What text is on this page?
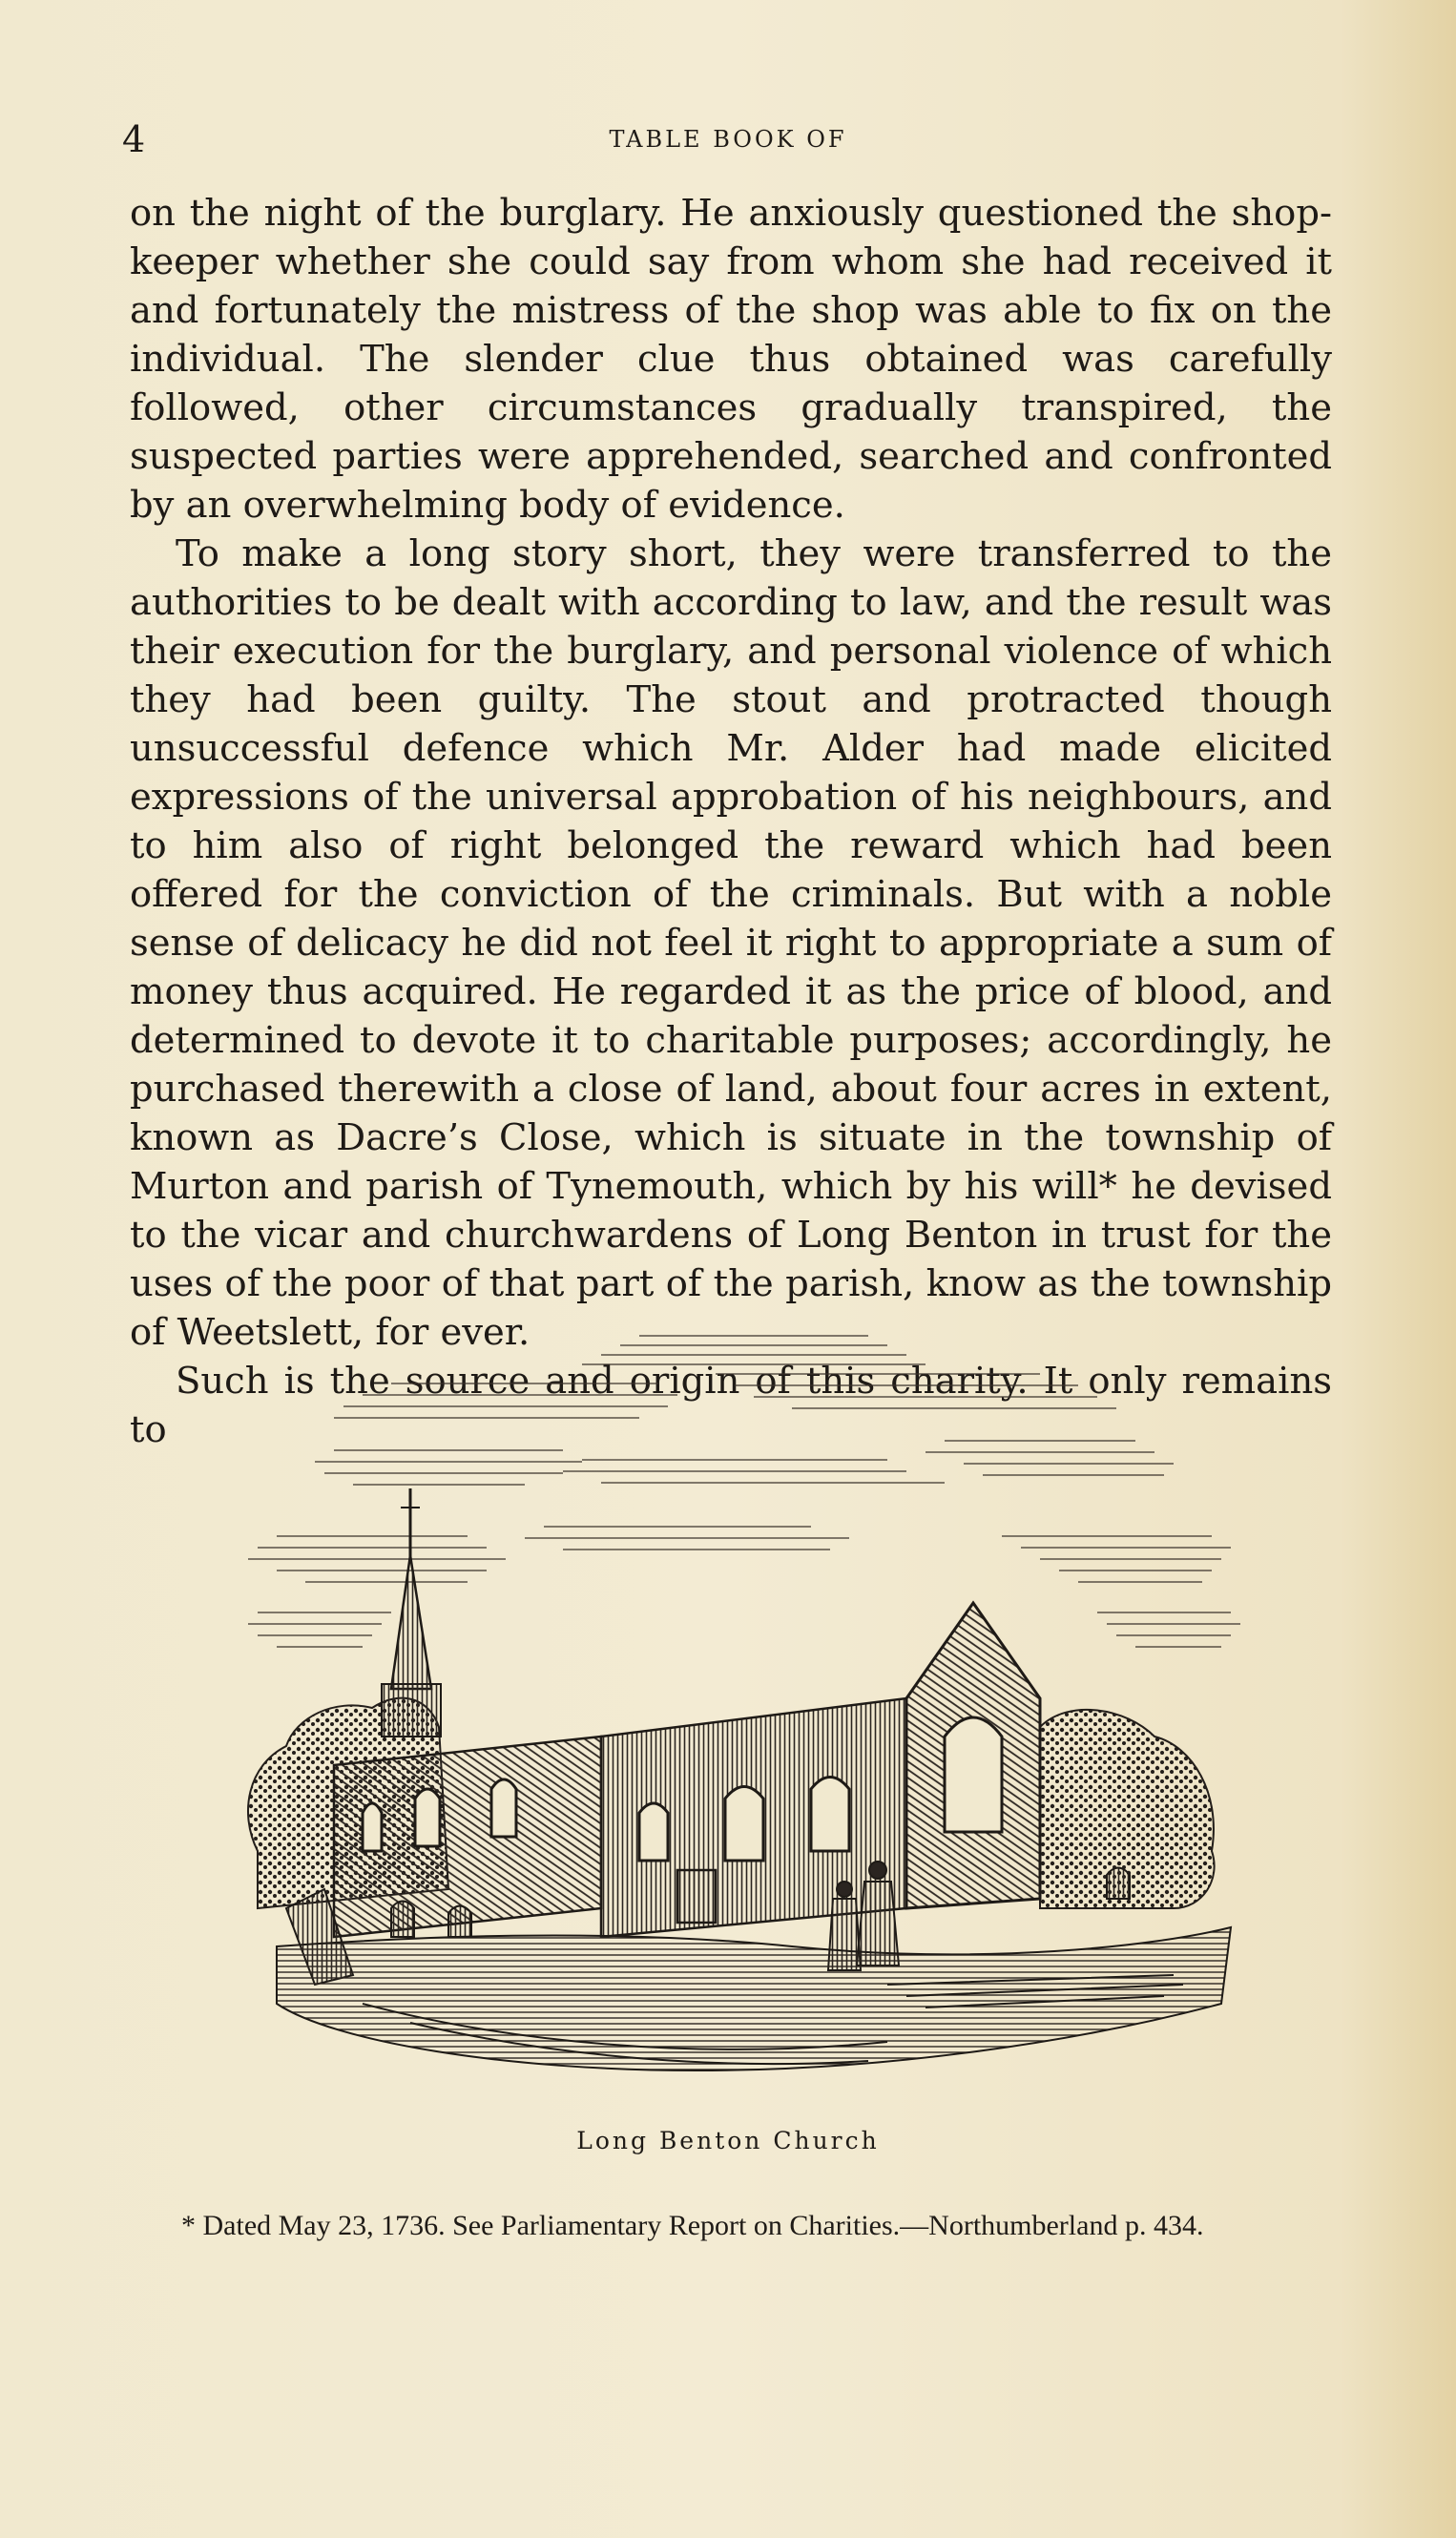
4	TABLE BOOK OF

on the night of the burglary. He anxiously questioned the shop-keeper whether she could say from whom she had received it and fortunately the mistress of the shop was able to fix on the individual. The slender clue thus obtained was carefully followed, other circumstances gradually transpired, the suspected parties were apprehended, searched and confronted by an overwhelming body of evidence.

To make a long story short, they were transferred to the authorities to be dealt with according to law, and the result was their execution for the burglary, and personal violence of which they had been guilty. The stout and protracted though unsuccessful defence which Mr. Alder had made elicited expressions of the universal approbation of his neighbours, and to him also of right belonged the reward which had been offered for the conviction of the criminals. But with a noble sense of delicacy he did not feel it right to appropriate a sum of money thus acquired. He regarded it as the price of blood, and determined to devote it to charitable purposes; accordingly, he purchased therewith a close of land, about four acres in extent, known as Dacre’s Close, which is situate in the township of Murton and parish of Tynemouth, which by his will* he devised to the vicar and churchwardens of Long Benton in trust for the uses of the poor of that part of the parish, know as the township of Weetslett, for ever.

Such is the source and origin of this charity. It only remains to

Long Benton Church

* Dated May 23, 1736. See Parliamentary Report on Charities.—Northumberland p. 434.
